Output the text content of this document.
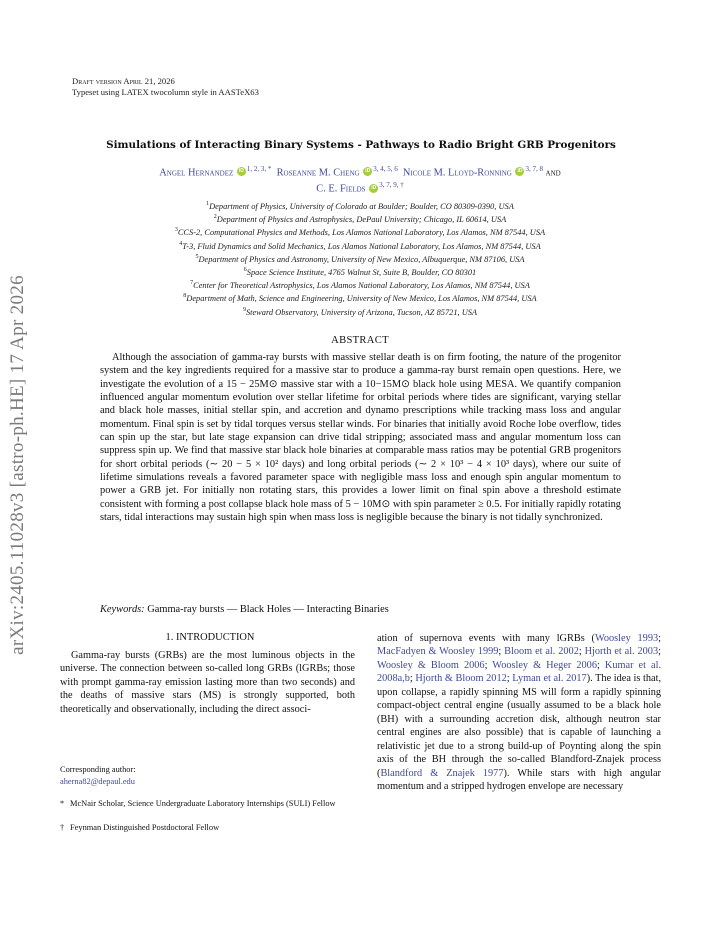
arXiv:2405.11028v3 [astro-ph.HE] 17 Apr 2026
Draft version April 21, 2026
Typeset using LATEX twocolumn style in AASTeX63
Simulations of Interacting Binary Systems - Pathways to Radio Bright GRB Progenitors
Angel Hernandez iD $^{1, 2, 3, *}$ Roseanne M. Cheng iD $^{3, 4, 5, 6}$ Nicole M. Lloyd-Ronning iD $^{3, 7, 8}$ and
C. E. Fields iD $^{3, 7, 9, \dagger}$
$^1$Department of Physics, University of Colorado at Boulder; Boulder, CO 80309-0390, USA
$^2$Department of Physics and Astrophysics, DePaul University; Chicago, IL 60614, USA
$^3$CCS-2, Computational Physics and Methods, Los Alamos National Laboratory, Los Alamos, NM 87544, USA
$^4$T-3, Fluid Dynamics and Solid Mechanics, Los Alamos National Laboratory, Los Alamos, NM 87544, USA
$^5$Department of Physics and Astronomy, University of New Mexico, Albuquerque, NM 87106, USA
$^6$Space Science Institute, 4765 Walnut St, Suite B, Boulder, CO 80301
$^7$Center for Theoretical Astrophysics, Los Alamos National Laboratory, Los Alamos, NM 87544, USA
$^8$Department of Math, Science and Engineering, University of New Mexico, Los Alamos, NM 87544, USA
$^9$Steward Observatory, University of Arizona, Tucson, AZ 85721, USA
ABSTRACT
Although the association of gamma-ray bursts with massive stellar death is on firm footing, the nature of the progenitor system and the key ingredients required for a massive star to produce a gamma-ray burst remain open questions. Here, we investigate the evolution of a 15 − 25M⊙ massive star with a 10−15M⊙ black hole using MESA. We quantify companion influenced angular momentum evolution over stellar lifetime for orbital periods where tides are significant, varying stellar and black hole masses, initial stellar spin, and accretion and dynamo prescriptions while tracking mass loss and angular momentum. Final spin is set by tidal torques versus stellar winds. For binaries that initially avoid Roche lobe overflow, tides can spin up the star, but late stage expansion can drive tidal stripping; associated mass and angular momentum loss can suppress spin up. We find that massive star black hole binaries at comparable mass ratios may be potential GRB progenitors for short orbital periods (∼ 20 − 5 × 10² days) and long orbital periods (∼ 2 × 10³ − 4 × 10³ days), where our suite of lifetime simulations reveals a favored parameter space with negligible mass loss and enough spin angular momentum to power a GRB jet. For initially non rotating stars, this provides a lower limit on final spin above a threshold estimate consistent with forming a post collapse black hole mass of 5 − 10M⊙ with spin parameter ≥ 0.5. For initially rapidly rotating stars, tidal interactions may sustain high spin when mass loss is negligible because the binary is not tidally synchronized.
Keywords: Gamma-ray bursts — Black Holes — Interacting Binaries
1. INTRODUCTION
Gamma-ray bursts (GRBs) are the most luminous objects in the universe. The connection between so-called long GRBs (lGRBs; those with prompt gamma-ray emission lasting more than two seconds) and the deaths of massive stars (MS) is strongly supported, both theoretically and observationally, including the direct associ-
ation of supernova events with many lGRBs (Woosley 1993; MacFadyen & Woosley 1999; Bloom et al. 2002; Hjorth et al. 2003; Woosley & Bloom 2006; Woosley & Heger 2006; Kumar et al. 2008a,b; Hjorth & Bloom 2012; Lyman et al. 2017). The idea is that, upon collapse, a rapidly spinning MS will form a rapidly spinning compact-object central engine (usually assumed to be a black hole (BH) with a surrounding accretion disk, although neutron star central engines are also possible) that is capable of launching a relativistic jet due to a strong build-up of Poynting along the spin axis of the BH through the so-called Blandford-Znajek process (Blandford & Znajek 1977). While stars with high angular momentum and a stripped hydrogen envelope are necessary
Corresponding author:
aherna82@depaul.edu
* McNair Scholar, Science Undergraduate Laboratory Internships (SULI) Fellow
† Feynman Distinguished Postdoctoral Fellow
